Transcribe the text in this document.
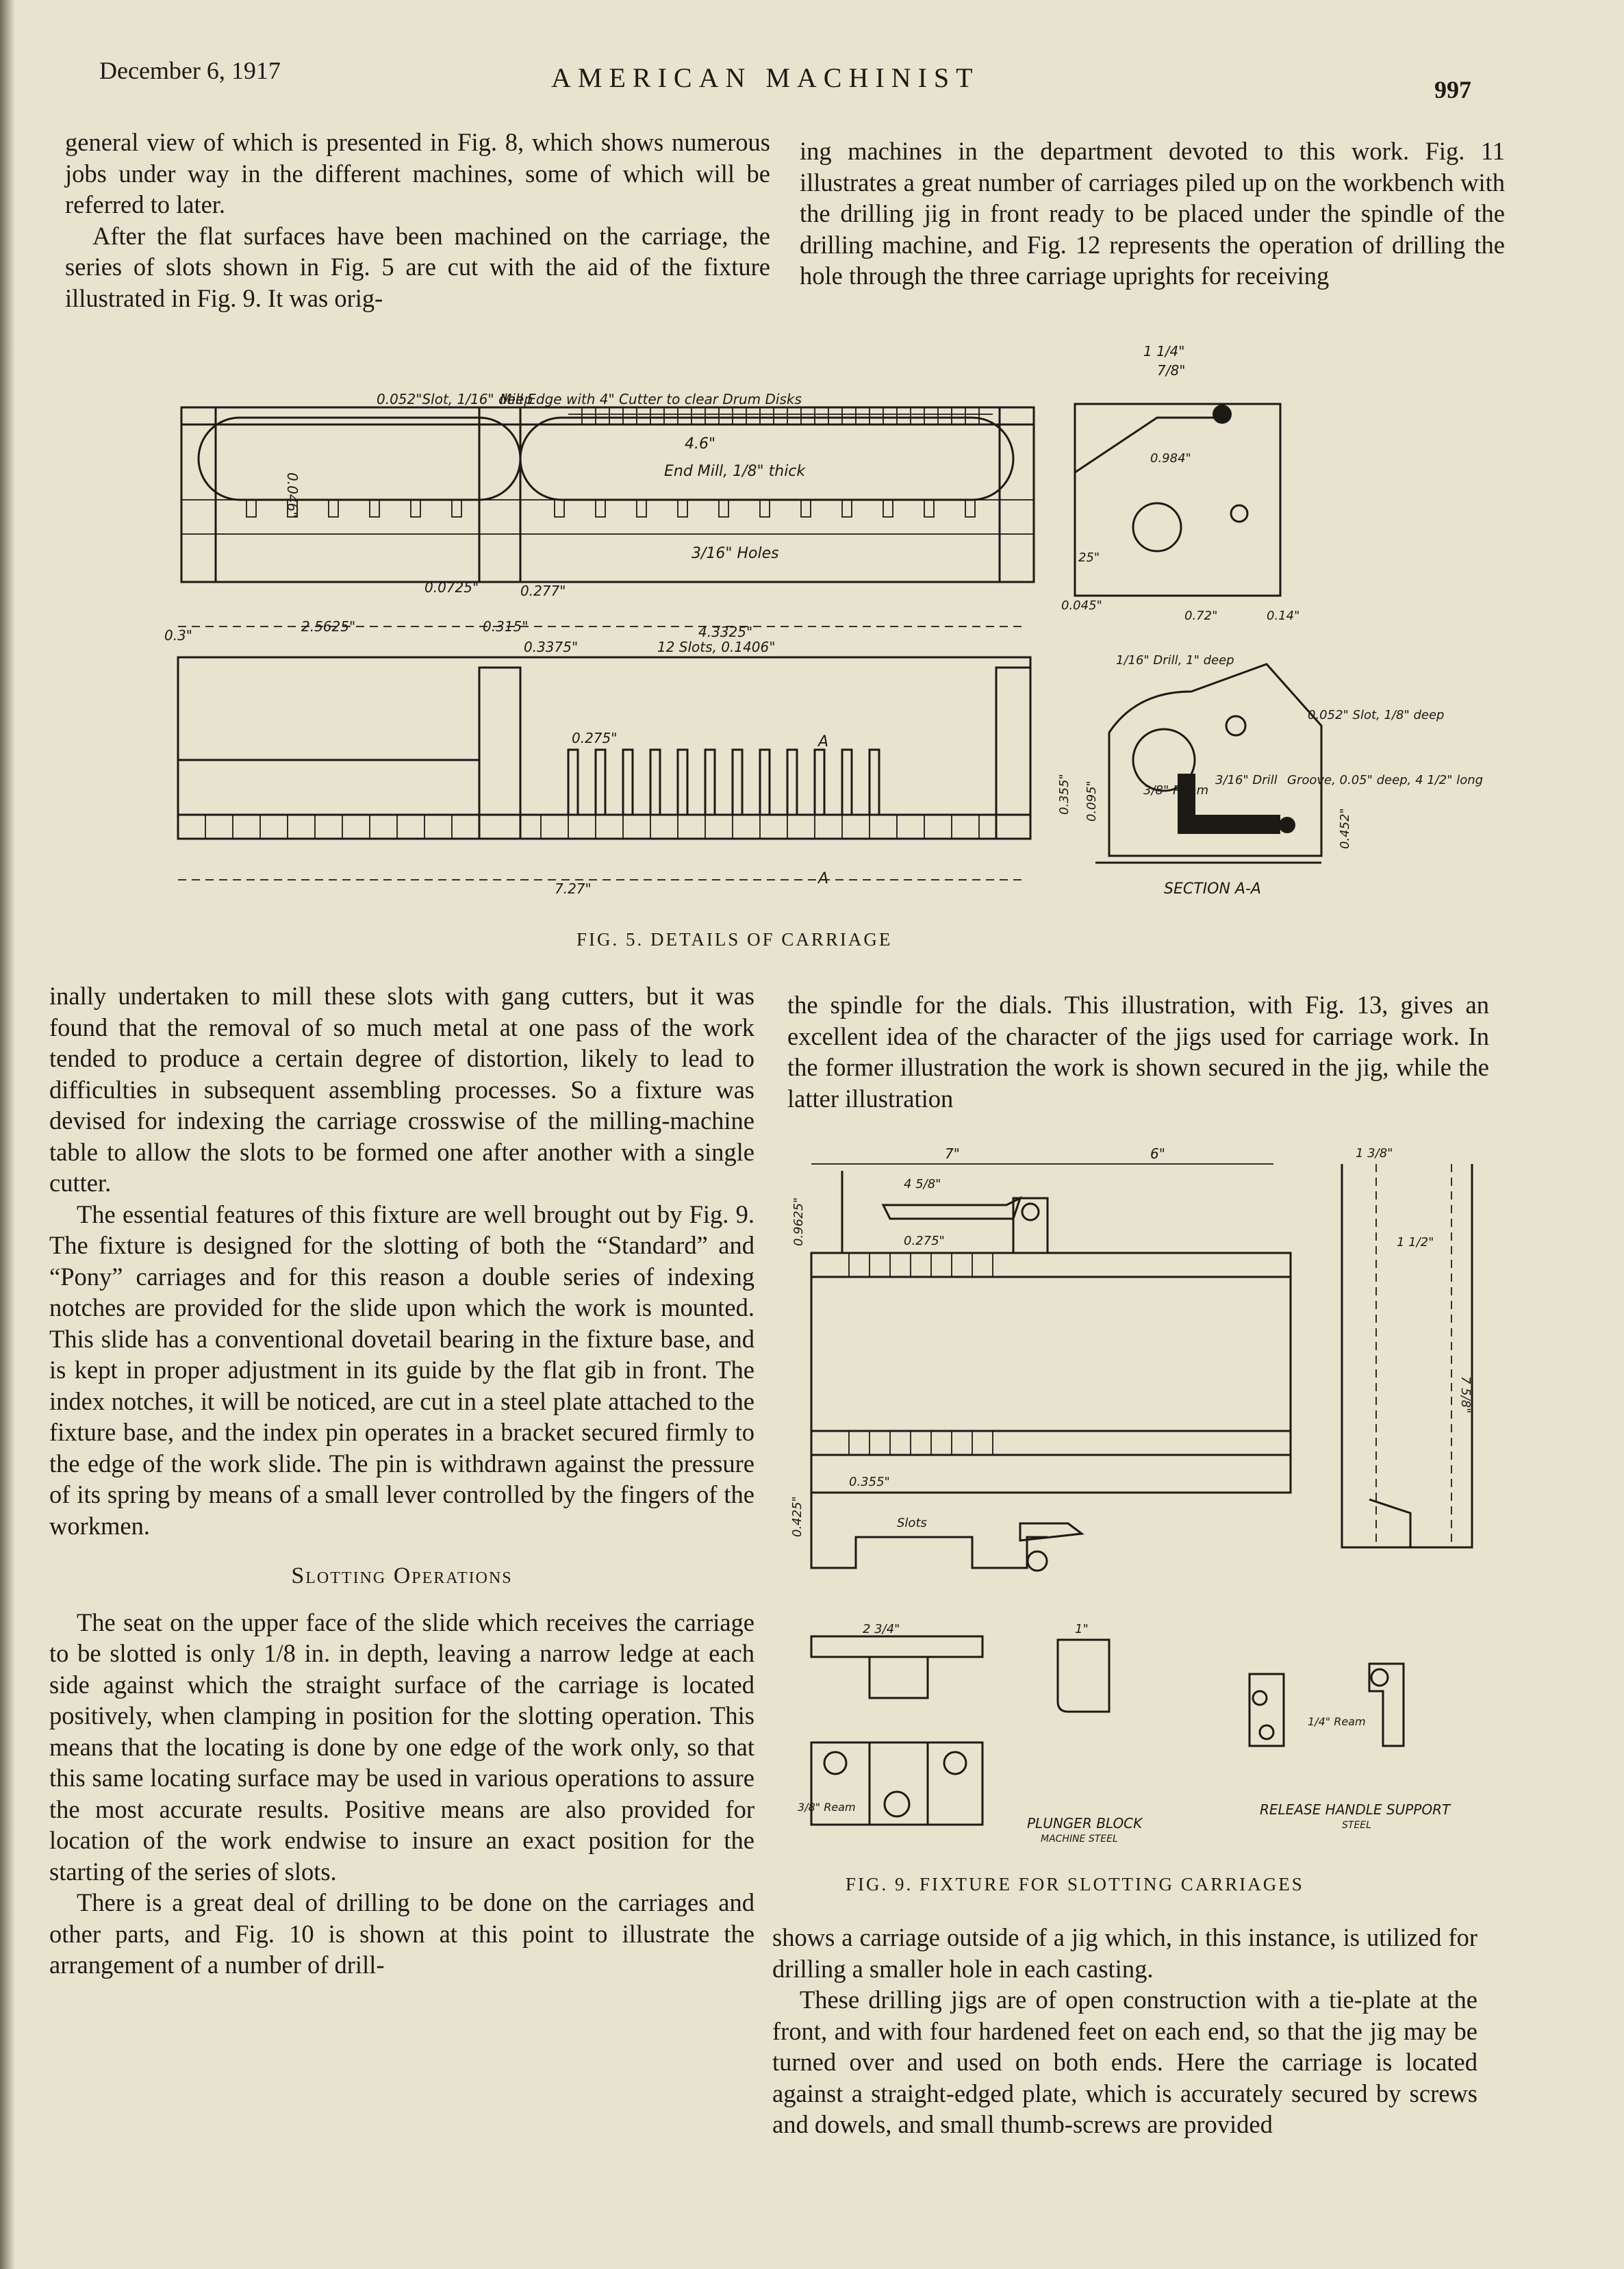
December 6, 1917	AMERICAN MACHINIST	997

general view of which is presented in Fig. 8, which shows numerous jobs under way in the different machines, some of which will be referred to later.

After the flat surfaces have been machined on the carriage, the series of slots shown in Fig. 5 are cut with the aid of the fixture illustrated in Fig. 9. It was orig-

ing machines in the department devoted to this work. Fig. 11 illustrates a great number of carriages piled up on the workbench with the drilling jig in front ready to be placed under the spindle of the drilling machine, and Fig. 12 represents the operation of drilling the hole through the three carriage uprights for receiving

0.052"Slot, 1/16" deep
Mill Edge with 4" Cutter to clear Drum Disks
4.6"
End Mill, 1/8" thick
3/16" Holes
0.0725"	0.277"
0.046"
2.5625"	0.315"	4.3325"
0.3"
0.3375"	12 Slots, 0.1406"
0.275"	A
A
7.27"
1 1/4"
7/8"
0.984"
25"
0.045"
0.72"	0.14"
1/16" Drill, 1" deep
0.052" Slot, 1/8" deep
3/8" Ream
3/16" Drill Groove, 0.05" deep, 4 1/2" long
0.355" 0.095"
0.452"
SECTION A-A
FIG. 5. DETAILS OF CARRIAGE

inally undertaken to mill these slots with gang cutters, but it was found that the removal of so much metal at one pass of the work tended to produce a certain degree of distortion, likely to lead to difficulties in subsequent assembling processes. So a fixture was devised for indexing the carriage crosswise of the milling-machine table to allow the slots to be formed one after another with a single cutter.

The essential features of this fixture are well brought out by Fig. 9. The fixture is designed for the slotting of both the “Standard” and “Pony” carriages and for this reason a double series of indexing notches are provided for the slide upon which the work is mounted. This slide has a conventional dovetail bearing in the fixture base, and is kept in proper adjustment in its guide by the flat gib in front. The index notches, it will be noticed, are cut in a steel plate attached to the fixture base, and the index pin operates in a bracket secured firmly to the edge of the work slide. The pin is withdrawn against the pressure of its spring by means of a small lever controlled by the fingers of the workmen.

Slotting Operations

The seat on the upper face of the slide which receives the carriage to be slotted is only 1/8 in. in depth, leaving a narrow ledge at each side against which the straight surface of the carriage is located positively, when clamping in position for the slotting operation. This means that the locating is done by one edge of the work only, so that this same locating surface may be used in various operations to assure the most accurate results. Positive means are also provided for location of the work endwise to insure an exact position for the starting of the series of slots.

There is a great deal of drilling to be done on the carriages and other parts, and Fig. 10 is shown at this point to illustrate the arrangement of a number of drill-

the spindle for the dials. This illustration, with Fig. 13, gives an excellent idea of the character of the jigs used for carriage work. In the former illustration the work is shown secured in the jig, while the latter illustration

7"	6"
4 5/8"
0.275"
0.9625"
0.355"
Slots
0.425"
1 3/8"
7 5/8"
1 1/2"
2 3/4"	1"
3/8" Ream
PLUNGER BLOCK
MACHINE STEEL
1/4" Ream
RELEASE HANDLE SUPPORT
STEEL
FIG. 9. FIXTURE FOR SLOTTING CARRIAGES

shows a carriage outside of a jig which, in this instance, is utilized for drilling a smaller hole in each casting.

These drilling jigs are of open construction with a tie-plate at the front, and with four hardened feet on each end, so that the jig may be turned over and used on both ends. Here the carriage is located against a straight-edged plate, which is accurately secured by screws and dowels, and small thumb-screws are provided
